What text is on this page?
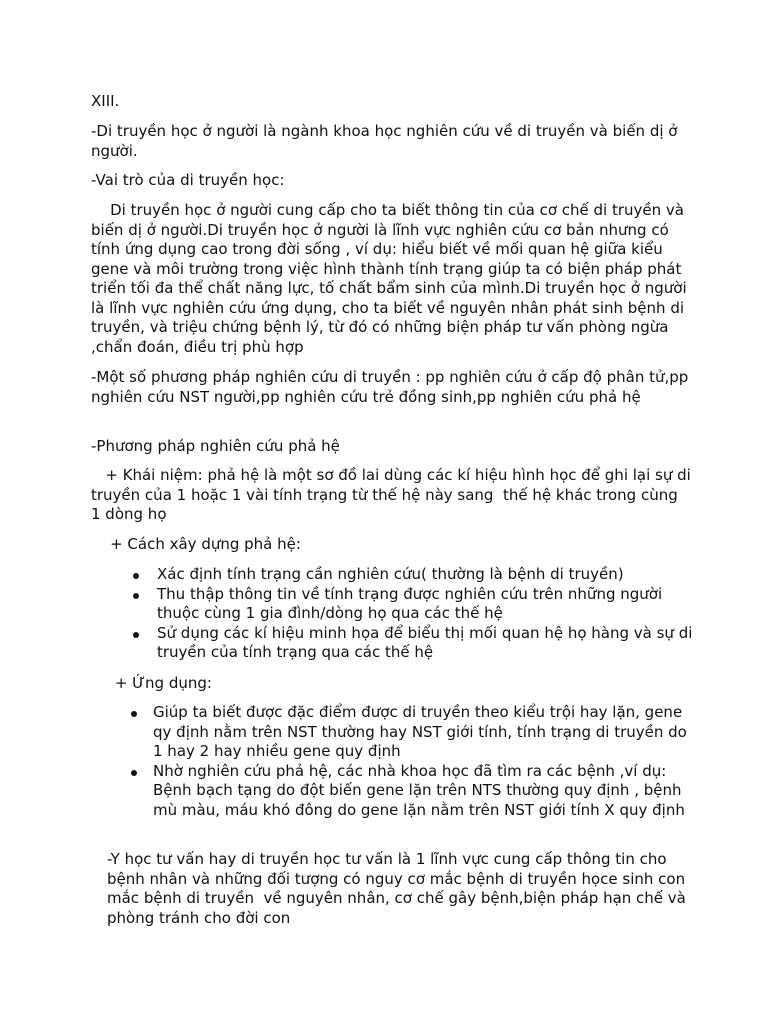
XIII.

-Di truyền học ở người là ngành khoa học nghiên cứu về di truyền và biến dị ở người.

-Vai trò của di truyền học:

Di truyền học ở người cung cấp cho ta biết thông tin của cơ chế di truyền và biến dị ở người.Di truyền học ở người là lĩnh vực nghiên cứu cơ bản nhưng có tính ứng dụng cao trong đời sống , ví dụ: hiểu biết về mối quan hệ giữa kiểu gene và môi trường trong việc hình thành tính trạng giúp ta có biện pháp phát triển tối đa thể chất năng lực, tố chất bẩm sinh của mình.Di truyền học ở người là lĩnh vực nghiên cứu ứng dụng, cho ta biết về nguyên nhân phát sinh bệnh di truyền, và triệu chứng bệnh lý, từ đó có những biện pháp tư vấn phòng ngừa ,chẩn đoán, điều trị phù hợp

-Một số phương pháp nghiên cứu di truyền : pp nghiên cứu ở cấp độ phân tử,pp nghiên cứu NST người,pp nghiên cứu trẻ đồng sinh,pp nghiên cứu phả hệ

-Phương pháp nghiên cứu phả hệ

+ Khái niệm: phả hệ là một sơ đồ lai dùng các kí hiệu hình học để ghi lại sự di truyền của 1 hoặc 1 vài tính trạng từ thế hệ này sang  thế hệ khác trong cùng 1 dòng họ

+ Cách xây dựng phả hệ:

Xác định tính trạng cần nghiên cứu( thường là bệnh di truyền)
Thu thập thông tin về tính trạng được nghiên cứu trên những người thuộc cùng 1 gia đình/dòng họ qua các thế hệ
Sử dụng các kí hiệu minh họa để biểu thị mối quan hệ họ hàng và sự di truyền của tính trạng qua các thế hệ

+ Ứng dụng:

Giúp ta biết được đặc điểm được di truyền theo kiểu trội hay lặn, gene qy định nằm trên NST thường hay NST giới tính, tính trạng di truyền do 1 hay 2 hay nhiều gene quy định
Nhờ nghiên cứu phả hệ, các nhà khoa học đã tìm ra các bệnh ,ví dụ: Bệnh bạch tạng do đột biến gene lặn trên NTS thường quy định , bệnh mù màu, máu khó đông do gene lặn nằm trên NST giới tính X quy định

-Y học tư vấn hay di truyền học tư vấn là 1 lĩnh vực cung cấp thông tin cho bệnh nhân và những đối tượng có nguy cơ mắc bệnh di truyền họce sinh con mắc bệnh di truyền  về nguyên nhân, cơ chế gây bệnh,biện pháp hạn chế và phòng tránh cho đời con
